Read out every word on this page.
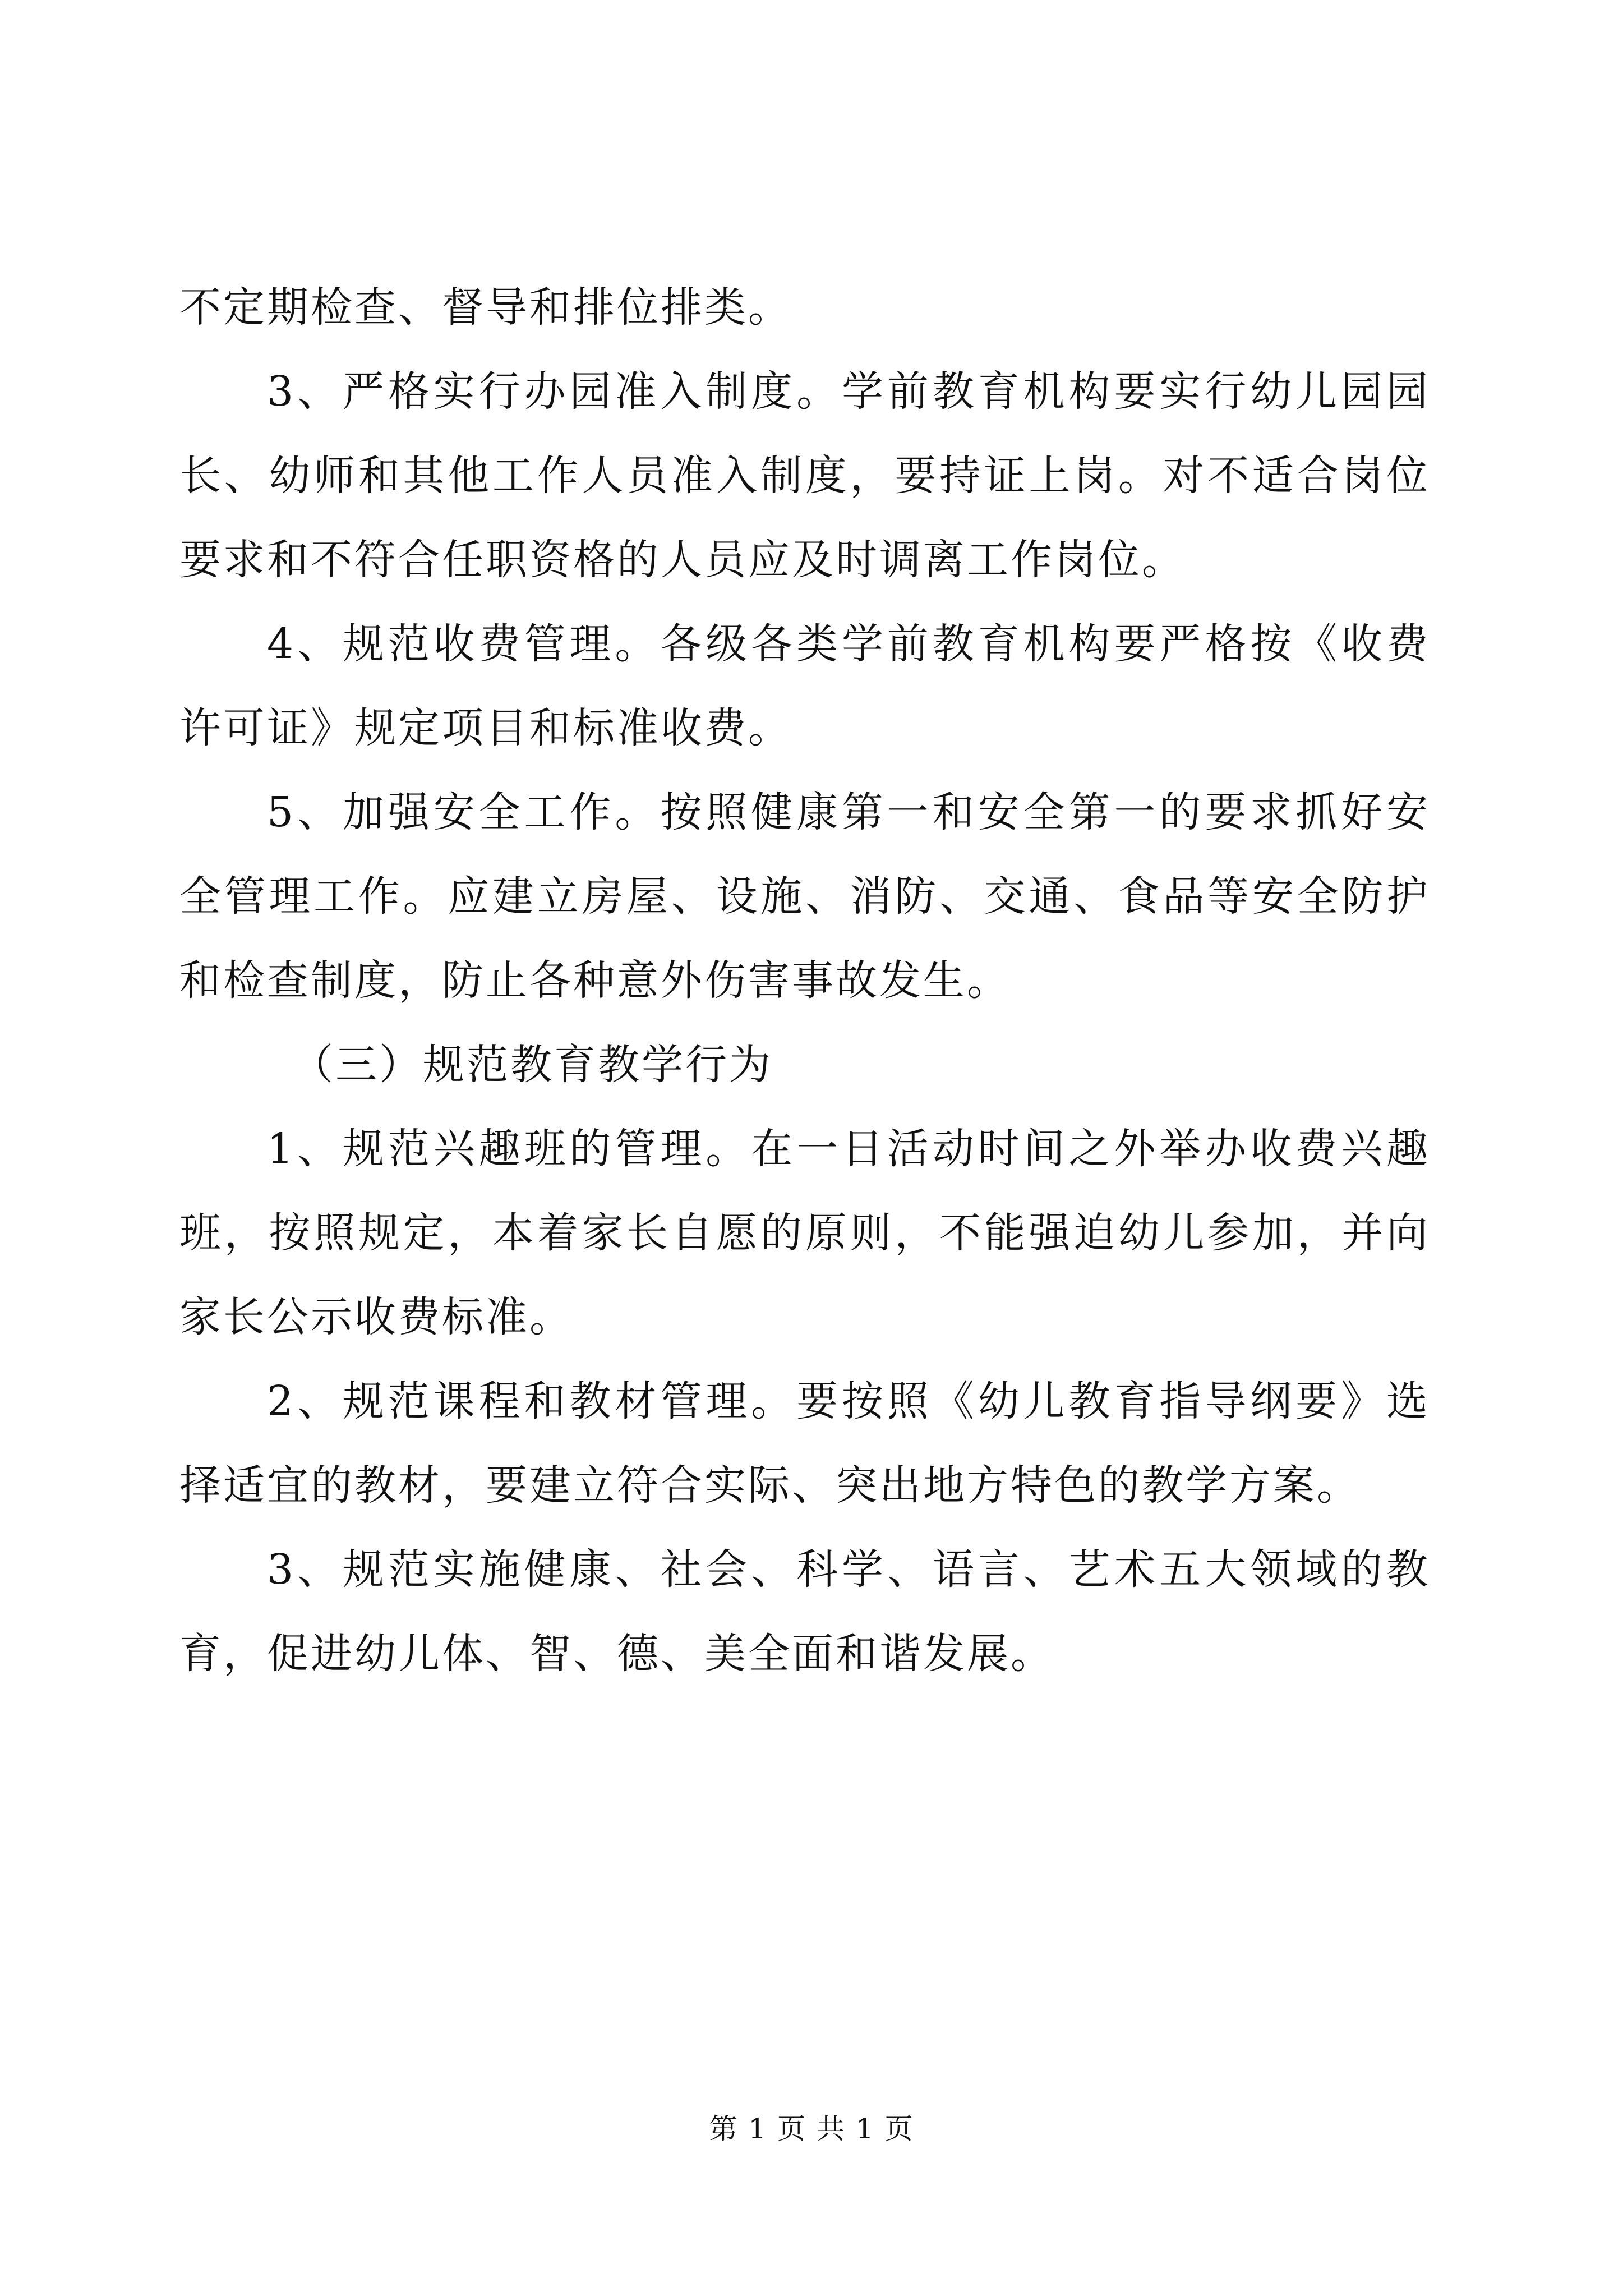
不定期检查、督导和排位排类。

3、严格实行办园准入制度。学前教育机构要实行幼儿园园长、幼师和其他工作人员准入制度，要持证上岗。对不适合岗位要求和不符合任职资格的人员应及时调离工作岗位。

4、规范收费管理。各级各类学前教育机构要严格按《收费许可证》规定项目和标准收费。

5、加强安全工作。按照健康第一和安全第一的要求抓好安全管理工作。应建立房屋、设施、消防、交通、食品等安全防护和检查制度，防止各种意外伤害事故发生。

（三）规范教育教学行为

1、规范兴趣班的管理。在一日活动时间之外举办收费兴趣班，按照规定，本着家长自愿的原则，不能强迫幼儿参加，并向家长公示收费标准。

2、规范课程和教材管理。要按照《幼儿教育指导纲要》选择适宜的教材，要建立符合实际、突出地方特色的教学方案。

3、规范实施健康、社会、科学、语言、艺术五大领域的教育，促进幼儿体、智、德、美全面和谐发展。

第 1 页 共 1 页
